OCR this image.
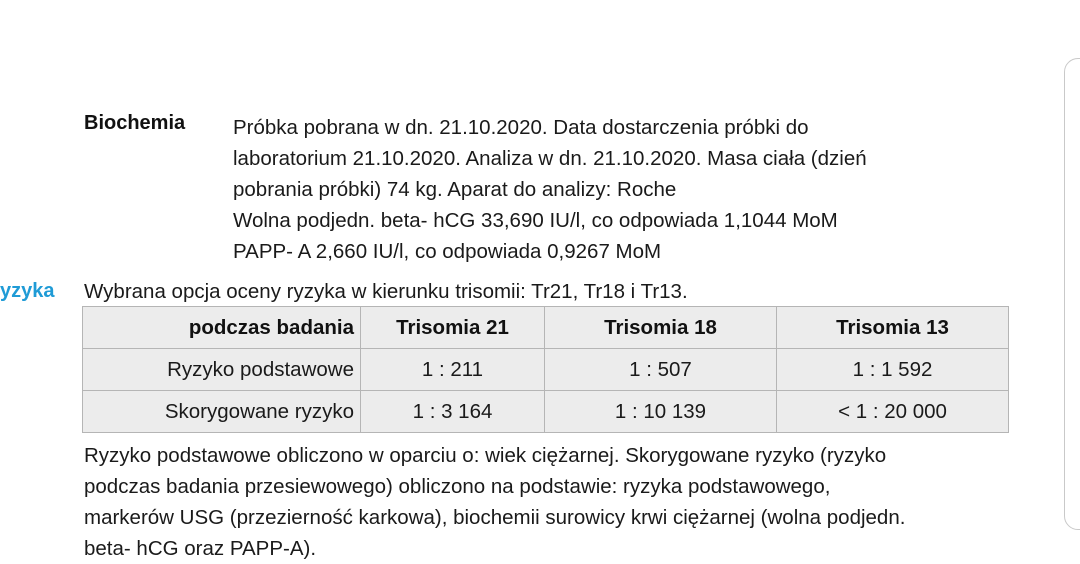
Biochemia Próbka pobrana w dn. 21.10.2020. Data dostarczenia próbki do
laboratorium 21.10.2020. Analiza w dn. 21.10.2020. Masa ciała (dzień
pobrania próbki) 74 kg. Aparat do analizy: Roche
Wolna podjedn. beta- hCG 33,690 IU/l, co odpowiada 1,1044 MoM
PAPP- A 2,660 IU/l, co odpowiada 0,9267 MoM
yzyka Wybrana opcja oceny ryzyka w kierunku trisomii: Tr21, Tr18 i Tr13.
podczas badania	Trisomia 21	Trisomia 18	Trisomia 13
Ryzyko podstawowe	1 : 211	1 : 507	1 : 1 592
Skorygowane ryzyko	1 : 3 164	1 : 10 139	< 1 : 20 000
Ryzyko podstawowe obliczono w oparciu o: wiek ciężarnej. Skorygowane ryzyko (ryzyko
podczas badania przesiewowego) obliczono na podstawie: ryzyka podstawowego,
markerów USG (przezierność karkowa), biochemii surowicy krwi ciężarnej (wolna podjedn.
beta- hCG oraz PAPP-A).
